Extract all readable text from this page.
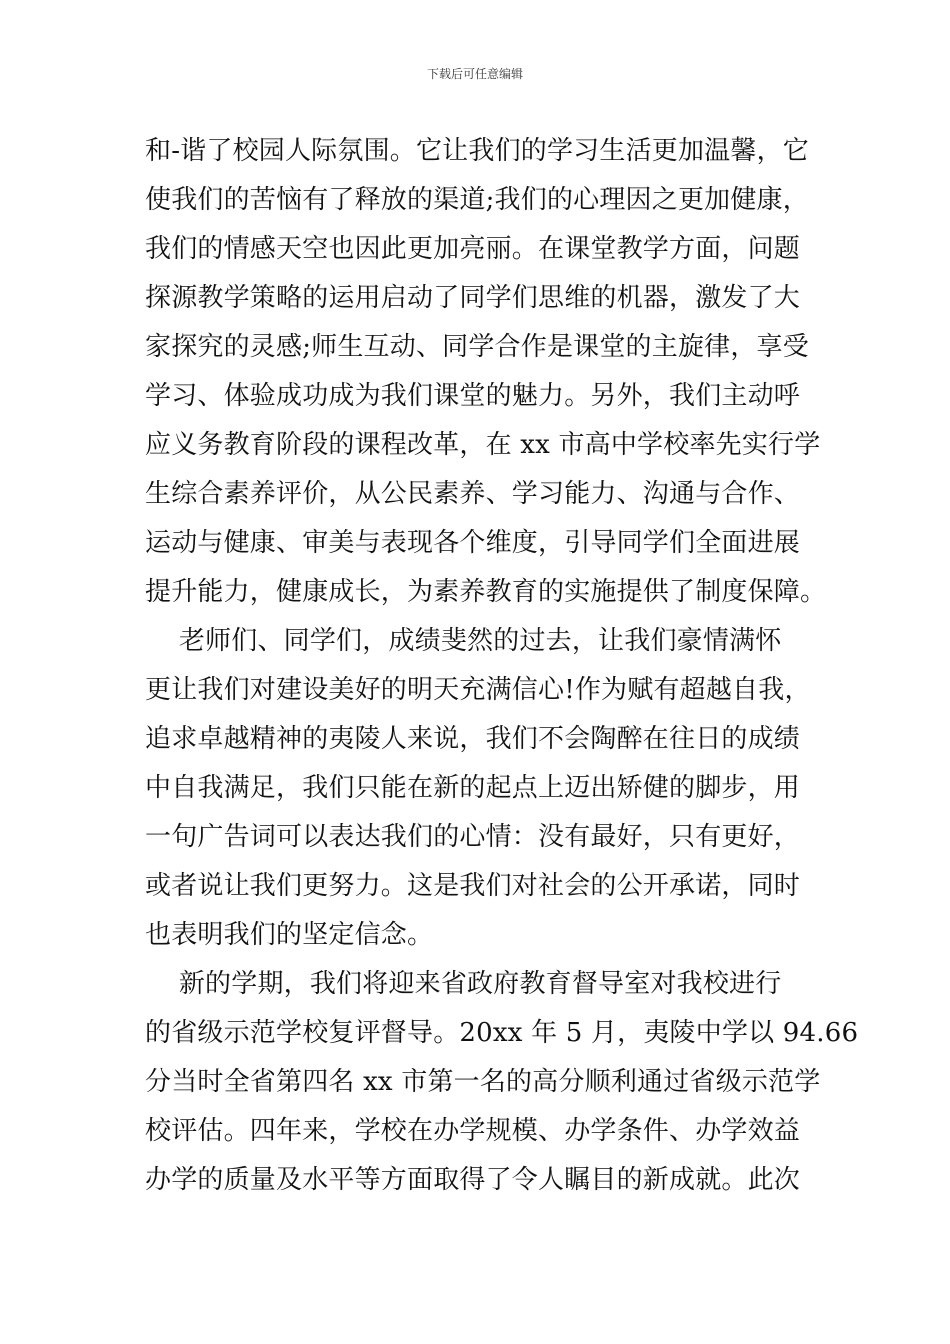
下载后可任意编辑
和-谐了校园人际氛围。它让我们的学习生活更加温馨，它
使我们的苦恼有了释放的渠道;我们的心理因之更加健康，
我们的情感天空也因此更加亮丽。在课堂教学方面，问题
探源教学策略的运用启动了同学们思维的机器，激发了大
家探究的灵感;师生互动、同学合作是课堂的主旋律，享受
学习、体验成功成为我们课堂的魅力。另外，我们主动呼
应义务教育阶段的课程改革，在 xx 市高中学校率先实行学
生综合素养评价，从公民素养、学习能力、沟通与合作、
运动与健康、审美与表现各个维度，引导同学们全面进展
提升能力，健康成长，为素养教育的实施提供了制度保障。
老师们、同学们，成绩斐然的过去，让我们豪情满怀
更让我们对建设美好的明天充满信心!作为赋有超越自我，
追求卓越精神的夷陵人来说，我们不会陶醉在往日的成绩
中自我满足，我们只能在新的起点上迈出矫健的脚步，用
一句广告词可以表达我们的心情：没有最好，只有更好，
或者说让我们更努力。这是我们对社会的公开承诺，同时
也表明我们的坚定信念。
新的学期，我们将迎来省政府教育督导室对我校进行
的省级示范学校复评督导。20xx 年 5 月，夷陵中学以 94.66
分当时全省第四名 xx 市第一名的高分顺利通过省级示范学
校评估。四年来，学校在办学规模、办学条件、办学效益
办学的质量及水平等方面取得了令人瞩目的新成就。此次
